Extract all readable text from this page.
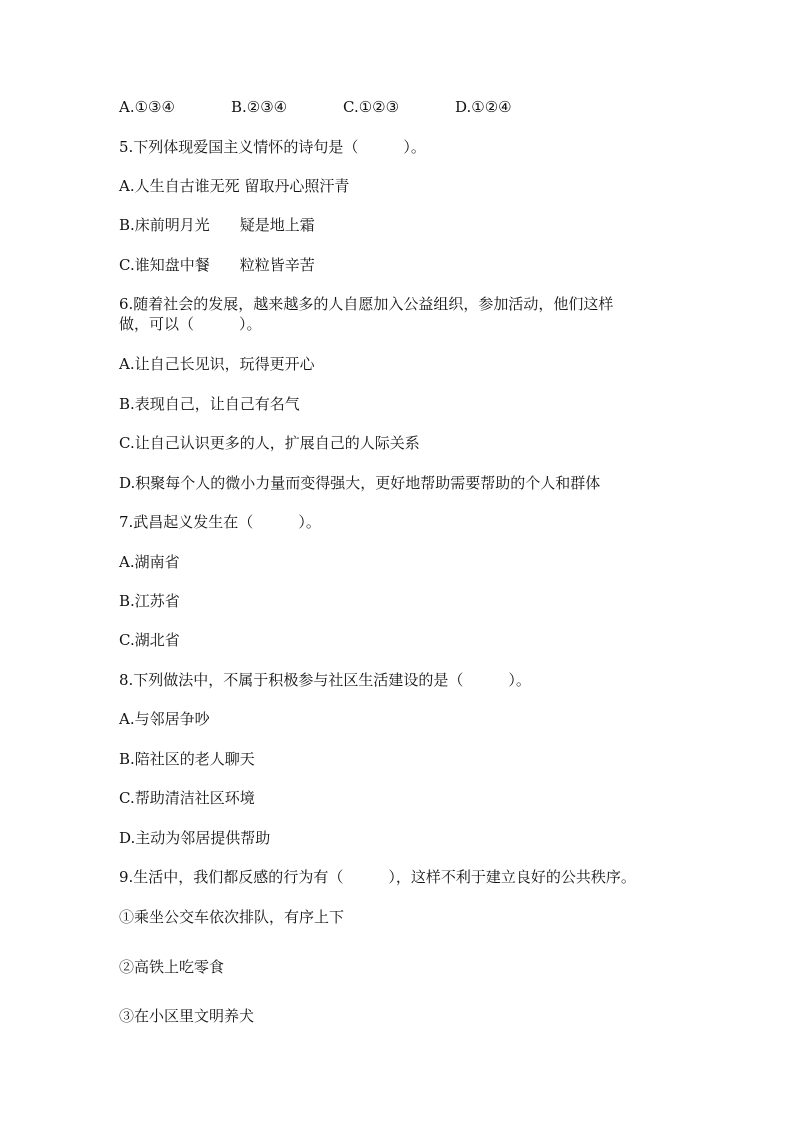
A.①③④	B.②③④	C.①②③	D.①②④
5.下列体现爱国主义情怀的诗句是（　　　）。
A.人生自古谁无死 留取丹心照汗青
B.床前明月光　　疑是地上霜
C.谁知盘中餐　　粒粒皆辛苦
6.随着社会的发展，越来越多的人自愿加入公益组织，参加活动，他们这样
做，可以（　　　）。
A.让自己长见识，玩得更开心
B.表现自己，让自己有名气
C.让自己认识更多的人，扩展自己的人际关系
D.积聚每个人的微小力量而变得强大，更好地帮助需要帮助的个人和群体
7.武昌起义发生在（　　　）。
A.湖南省
B.江苏省
C.湖北省
8.下列做法中，不属于积极参与社区生活建设的是（　　　）。
A.与邻居争吵
B.陪社区的老人聊天
C.帮助清洁社区环境
D.主动为邻居提供帮助
9.生活中，我们都反感的行为有（　　　），这样不利于建立良好的公共秩序。
①乘坐公交车依次排队，有序上下
②高铁上吃零食
③在小区里文明养犬
